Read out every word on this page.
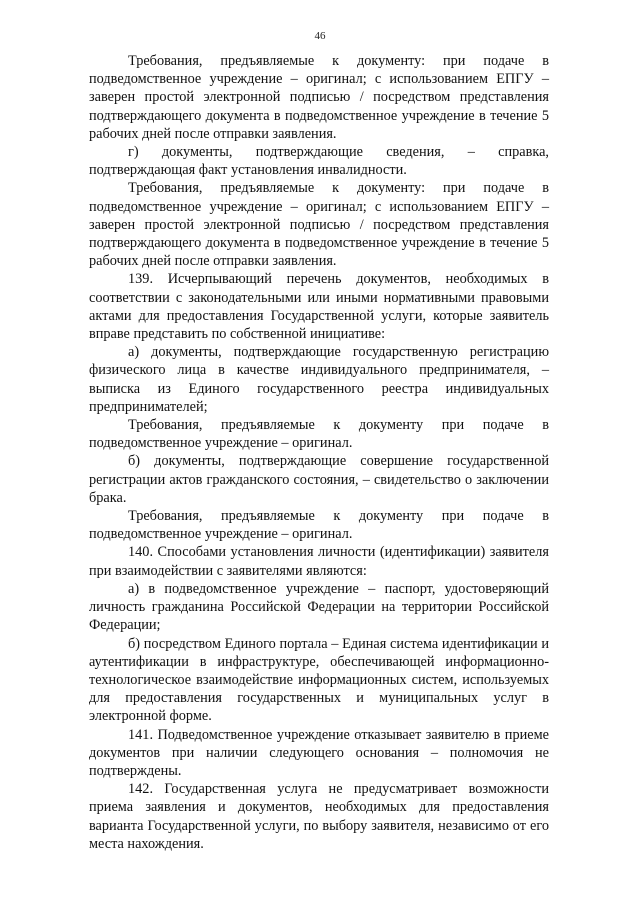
46

Требования, предъявляемые к документу: при подаче в подведомственное учреждение – оригинал; с использованием ЕПГУ – заверен простой электронной подписью / посредством представления подтверждающего документа в подведомственное учреждение в течение 5 рабочих дней после отправки заявления.

г) документы, подтверждающие сведения, – справка, подтверждающая факт установления инвалидности.

Требования, предъявляемые к документу: при подаче в подведомственное учреждение – оригинал; с использованием ЕПГУ – заверен простой электронной подписью / посредством представления подтверждающего документа в подведомственное учреждение в течение 5 рабочих дней после отправки заявления.

139. Исчерпывающий перечень документов, необходимых в соответствии с законодательными или иными нормативными правовыми актами для предоставления Государственной услуги, которые заявитель вправе представить по собственной инициативе:

а) документы, подтверждающие государственную регистрацию физического лица в качестве индивидуального предпринимателя, – выписка из Единого государственного реестра индивидуальных предпринимателей;

Требования, предъявляемые к документу при подаче в подведомственное учреждение – оригинал.

б) документы, подтверждающие совершение государственной регистрации актов гражданского состояния, – свидетельство о заключении брака.

Требования, предъявляемые к документу при подаче в подведомственное учреждение – оригинал.

140. Способами установления личности (идентификации) заявителя при взаимодействии с заявителями являются:

а) в подведомственное учреждение – паспорт, удостоверяющий личность гражданина Российской Федерации на территории Российской Федерации;

б) посредством Единого портала – Единая система идентификации и аутентификации в инфраструктуре, обеспечивающей информационно-технологическое взаимодействие информационных систем, используемых для предоставления государственных и муниципальных услуг в электронной форме.

141. Подведомственное учреждение отказывает заявителю в приеме документов при наличии следующего основания – полномочия не подтверждены.

142. Государственная услуга не предусматривает возможности приема заявления и документов, необходимых для предоставления варианта Государственной услуги, по выбору заявителя, независимо от его места нахождения.
